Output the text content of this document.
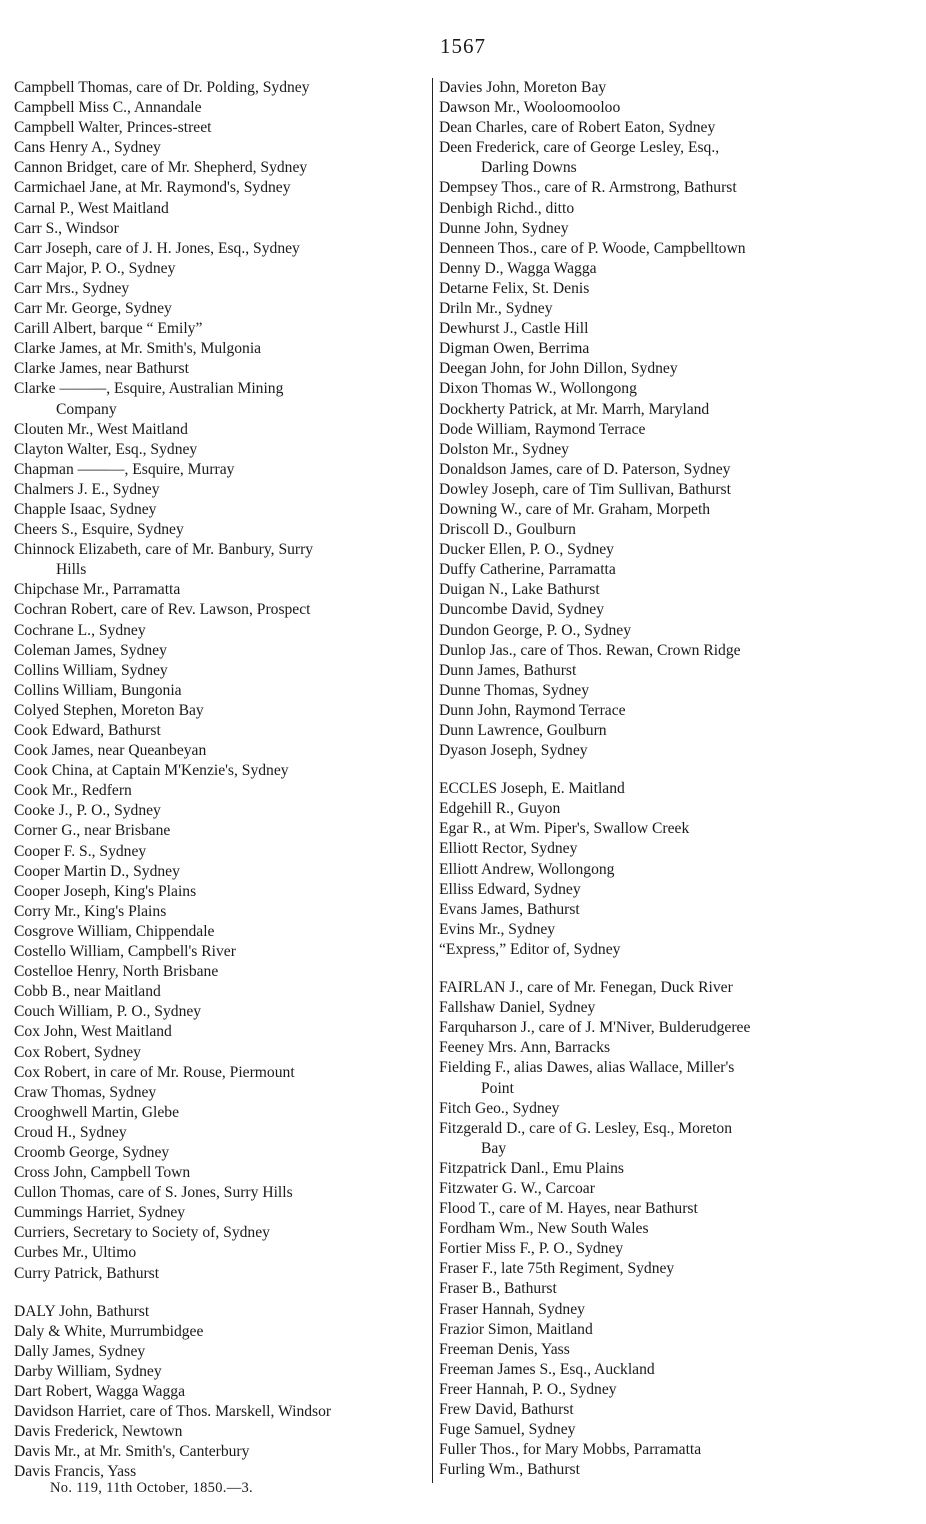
1567
Campbell Thomas, care of Dr. Polding, Sydney
Campbell Miss C., Annandale
Campbell Walter, Princes-street
Cans Henry A., Sydney
Cannon Bridget, care of Mr. Shepherd, Sydney
Carmichael Jane, at Mr. Raymond's, Sydney
Carnal P., West Maitland
Carr S., Windsor
Carr Joseph, care of J. H. Jones, Esq., Sydney
Carr Major, P. O., Sydney
Carr Mrs., Sydney
Carr Mr. George, Sydney
Carill Albert, barque “ Emily”
Clarke James, at Mr. Smith's, Mulgonia
Clarke James, near Bathurst
Clarke ———, Esquire, Australian Mining
Company
Clouten Mr., West Maitland
Clayton Walter, Esq., Sydney
Chapman ———, Esquire, Murray
Chalmers J. E., Sydney
Chapple Isaac, Sydney
Cheers S., Esquire, Sydney
Chinnock Elizabeth, care of Mr. Banbury, Surry
Hills
Chipchase Mr., Parramatta
Cochran Robert, care of Rev. Lawson, Prospect
Cochrane L., Sydney
Coleman James, Sydney
Collins William, Sydney
Collins William, Bungonia
Colyed Stephen, Moreton Bay
Cook Edward, Bathurst
Cook James, near Queanbeyan
Cook China, at Captain M'Kenzie's, Sydney
Cook Mr., Redfern
Cooke J., P. O., Sydney
Corner G., near Brisbane
Cooper F. S., Sydney
Cooper Martin D., Sydney
Cooper Joseph, King's Plains
Corry Mr., King's Plains
Cosgrove William, Chippendale
Costello William, Campbell's River
Costelloe Henry, North Brisbane
Cobb B., near Maitland
Couch William, P. O., Sydney
Cox John, West Maitland
Cox Robert, Sydney
Cox Robert, in care of Mr. Rouse, Piermount
Craw Thomas, Sydney
Crooghwell Martin, Glebe
Croud H., Sydney
Croomb George, Sydney
Cross John, Campbell Town
Cullon Thomas, care of S. Jones, Surry Hills
Cummings Harriet, Sydney
Curriers, Secretary to Society of, Sydney
Curbes Mr., Ultimo
Curry Patrick, Bathurst
DALY John, Bathurst
Daly & White, Murrumbidgee
Dally James, Sydney
Darby William, Sydney
Dart Robert, Wagga Wagga
Davidson Harriet, care of Thos. Marskell, Windsor
Davis Frederick, Newtown
Davis Mr., at Mr. Smith's, Canterbury
Davis Francis, Yass
Davies John, Moreton Bay
Dawson Mr., Wooloomooloo
Dean Charles, care of Robert Eaton, Sydney
Deen Frederick, care of George Lesley, Esq.,
Darling Downs
Dempsey Thos., care of R. Armstrong, Bathurst
Denbigh Richd., ditto
Dunne John, Sydney
Denneen Thos., care of P. Woode, Campbelltown
Denny D., Wagga Wagga
Detarne Felix, St. Denis
Driln Mr., Sydney
Dewhurst J., Castle Hill
Digman Owen, Berrima
Deegan John, for John Dillon, Sydney
Dixon Thomas W., Wollongong
Dockherty Patrick, at Mr. Marrh, Maryland
Dode William, Raymond Terrace
Dolston Mr., Sydney
Donaldson James, care of D. Paterson, Sydney
Dowley Joseph, care of Tim Sullivan, Bathurst
Downing W., care of Mr. Graham, Morpeth
Driscoll D., Goulburn
Ducker Ellen, P. O., Sydney
Duffy Catherine, Parramatta
Duigan N., Lake Bathurst
Duncombe David, Sydney
Dundon George, P. O., Sydney
Dunlop Jas., care of Thos. Rewan, Crown Ridge
Dunn James, Bathurst
Dunne Thomas, Sydney
Dunn John, Raymond Terrace
Dunn Lawrence, Goulburn
Dyason Joseph, Sydney
ECCLES Joseph, E. Maitland
Edgehill R., Guyon
Egar R., at Wm. Piper's, Swallow Creek
Elliott Rector, Sydney
Elliott Andrew, Wollongong
Elliss Edward, Sydney
Evans James, Bathurst
Evins Mr., Sydney
“Express,” Editor of, Sydney
FAIRLAN J., care of Mr. Fenegan, Duck River
Fallshaw Daniel, Sydney
Farquharson J., care of J. M'Niver, Bulderudgeree
Feeney Mrs. Ann, Barracks
Fielding F., alias Dawes, alias Wallace, Miller's
Point
Fitch Geo., Sydney
Fitzgerald D., care of G. Lesley, Esq., Moreton
Bay
Fitzpatrick Danl., Emu Plains
Fitzwater G. W., Carcoar
Flood T., care of M. Hayes, near Bathurst
Fordham Wm., New South Wales
Fortier Miss F., P. O., Sydney
Fraser F., late 75th Regiment, Sydney
Fraser B., Bathurst
Fraser Hannah, Sydney
Frazior Simon, Maitland
Freeman Denis, Yass
Freeman James S., Esq., Auckland
Freer Hannah, P. O., Sydney
Frew David, Bathurst
Fuge Samuel, Sydney
Fuller Thos., for Mary Mobbs, Parramatta
Furling Wm., Bathurst
No. 119, 11th October, 1850.—3.
